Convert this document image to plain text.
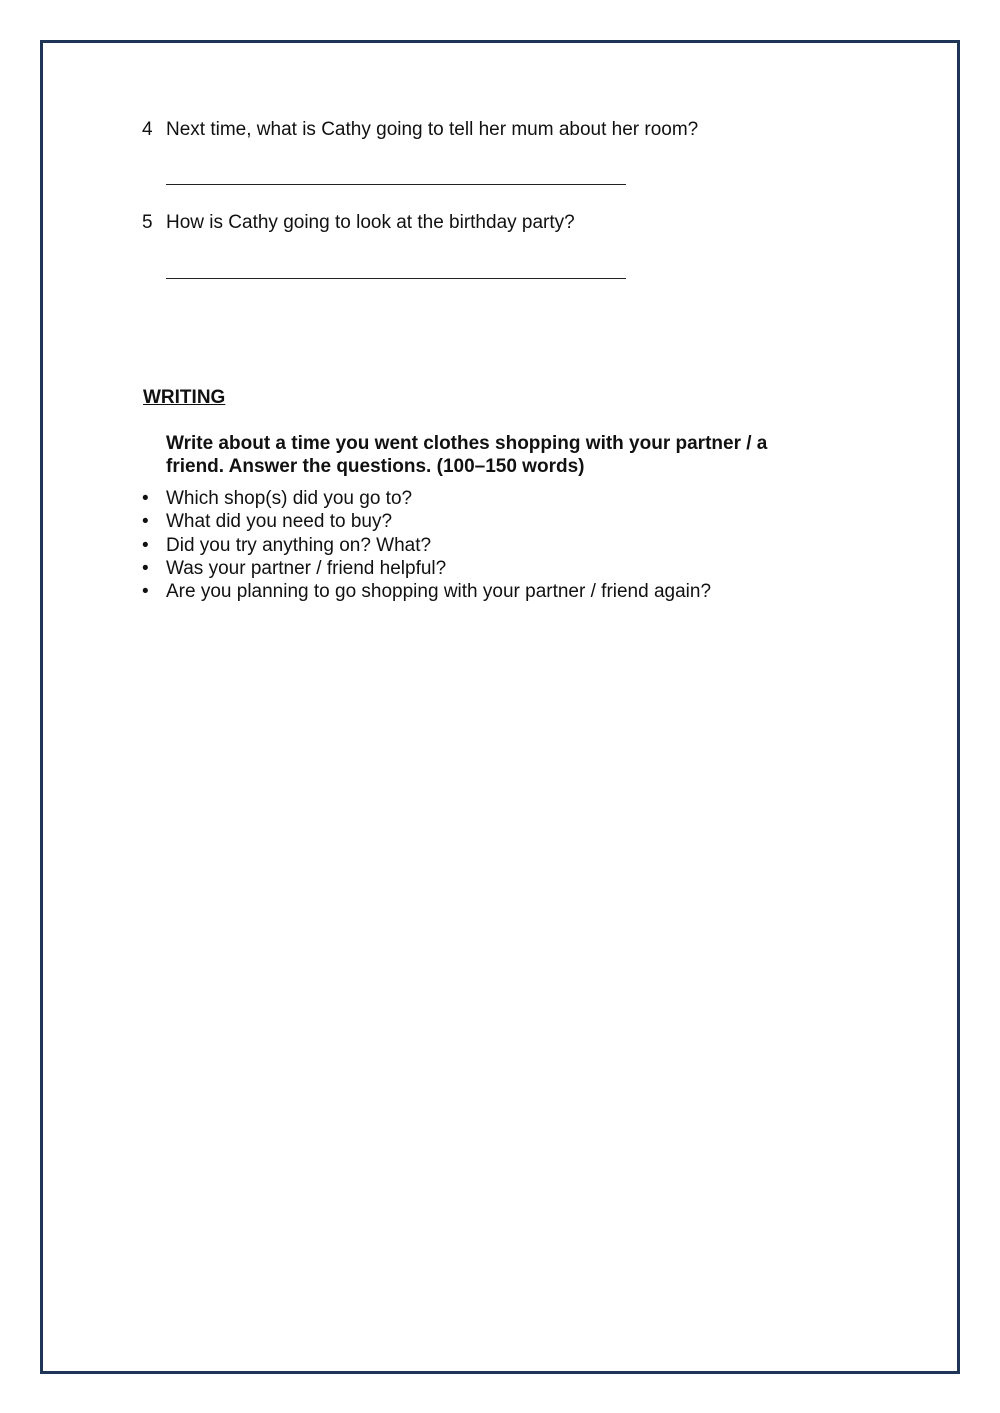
4 Next time, what is Cathy going to tell her mum about her room?
5 How is Cathy going to look at the birthday party?
WRITING
Write about a time you went clothes shopping with your partner / a friend. Answer the questions. (100–150 words)
• Which shop(s) did you go to?
• What did you need to buy?
• Did you try anything on? What?
• Was your partner / friend helpful?
• Are you planning to go shopping with your partner / friend again?
